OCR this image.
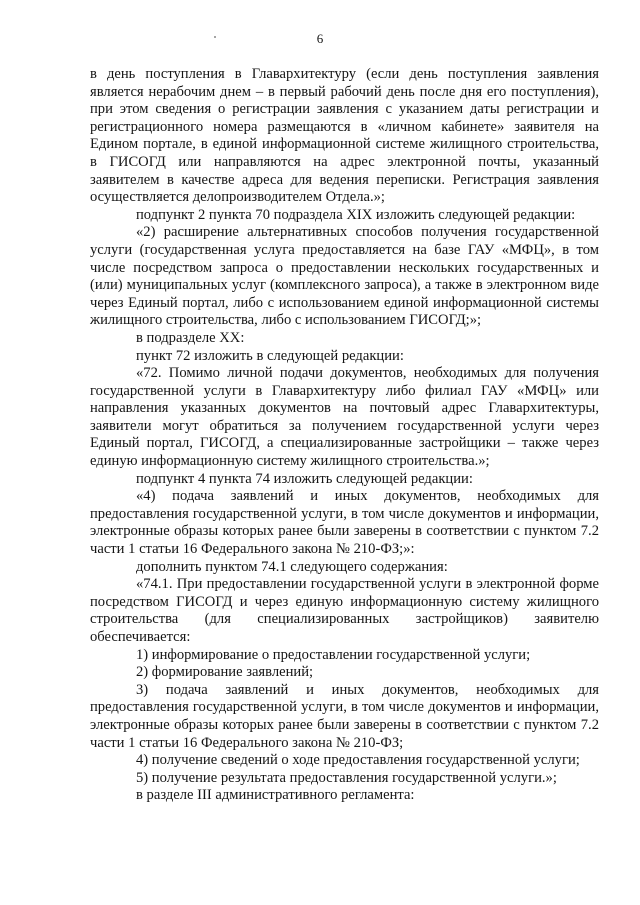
6

в день поступления в Главархитектуру (если день поступления заявления является нерабочим днем – в первый рабочий день после дня его поступления), при этом сведения о регистрации заявления с указанием даты регистрации и регистрационного номера размещаются в «личном кабинете» заявителя на Едином портале, в единой информационной системе жилищного строительства, в ГИСОГД или направляются на адрес электронной почты, указанный заявителем в качестве адреса для ведения переписки. Регистрация заявления осуществляется делопроизводителем Отдела.»;

подпункт 2 пункта 70 подраздела XIX изложить следующей редакции:

«2) расширение альтернативных способов получения государственной услуги (государственная услуга предоставляется на базе ГАУ «МФЦ», в том числе посредством запроса о предоставлении нескольких государственных и (или) муниципальных услуг (комплексного запроса), а также в электронном виде через Единый портал, либо с использованием единой информационной системы жилищного строительства, либо с использованием ГИСОГД;»;

в подразделе XX:

пункт 72 изложить в следующей редакции:

«72. Помимо личной подачи документов, необходимых для получения государственной услуги в Главархитектуру либо филиал ГАУ «МФЦ» или направления указанных документов на почтовый адрес Главархитектуры, заявители могут обратиться за получением государственной услуги через Единый портал, ГИСОГД, а специализированные застройщики – также через единую информационную систему жилищного строительства.»;

подпункт 4 пункта 74 изложить следующей редакции:

«4) подача заявлений и иных документов, необходимых для предоставления государственной услуги, в том числе документов и информации, электронные образы которых ранее были заверены в соответствии с пунктом 7.2 части 1 статьи 16 Федерального закона № 210-ФЗ;»:

дополнить пунктом 74.1 следующего содержания:

«74.1. При предоставлении государственной услуги в электронной форме посредством ГИСОГД и через единую информационную систему жилищного строительства (для специализированных застройщиков) заявителю обеспечивается:

1) информирование о предоставлении государственной услуги;

2) формирование заявлений;

3) подача заявлений и иных документов, необходимых для предоставления государственной услуги, в том числе документов и информации, электронные образы которых ранее были заверены в соответствии с пунктом 7.2 части 1 статьи 16 Федерального закона № 210-ФЗ;

4) получение сведений о ходе предоставления государственной услуги;

5) получение результата предоставления государственной услуги.»;

в разделе III административного регламента:
